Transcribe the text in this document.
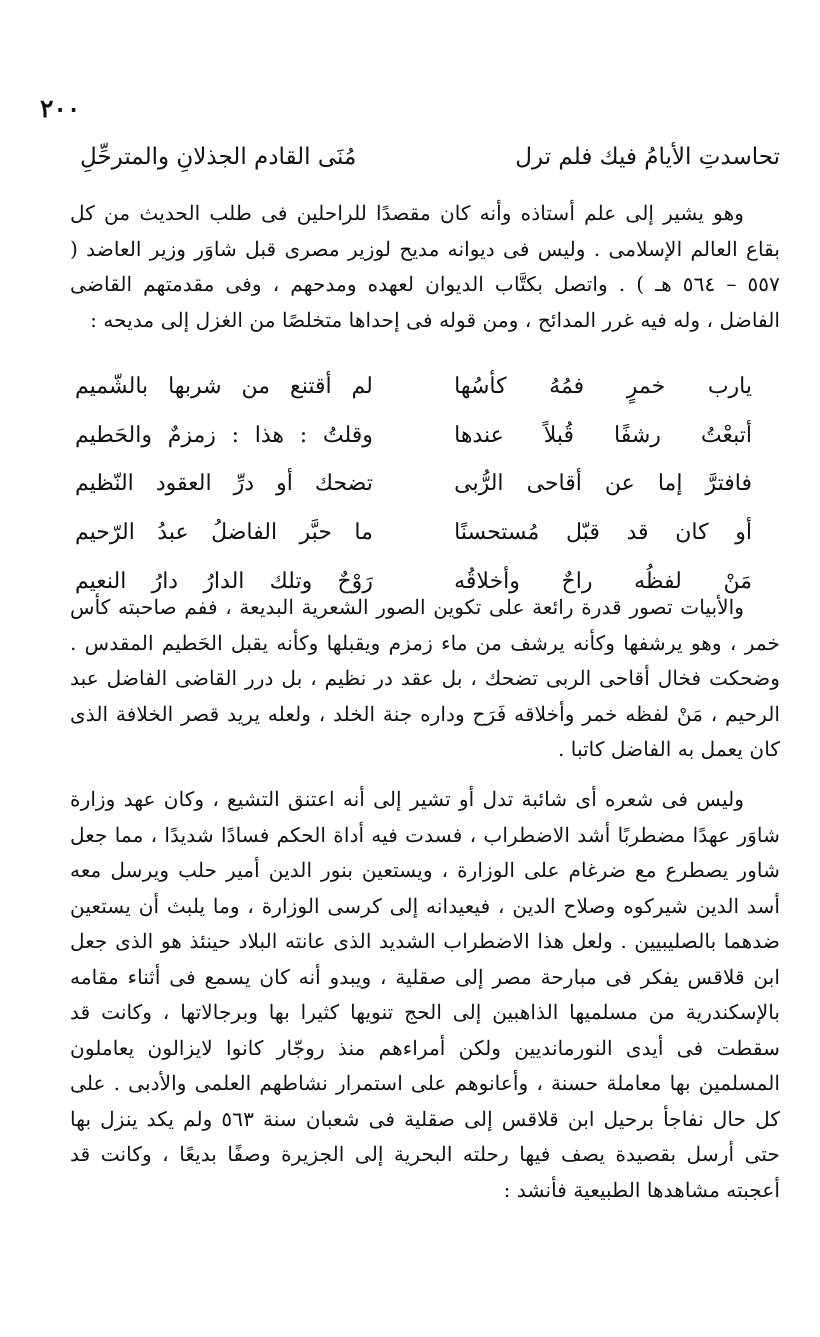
٢٠٠
تحاسدتِ الأيامُ فيك فلم ترل
مُنَى القادم الجذلانِ والمترحِّلِ

وهو يشير إلى علم أستاذه وأنه كان مقصدًا للراحلين فى طلب الحديث من كل بقاع العالم الإسلامى . وليس فى ديوانه مديح لوزير مصرى قبل شاوَر وزير العاضد ( ٥٥٧ – ٥٦٤ هـ ) . واتصل بكتَّاب الديوان لعهده ومدحهم ، وفى مقدمتهم القاضى الفاضل ، وله فيه غرر المدائح ، ومن قوله فى إحداها متخلصًا من الغزل إلى مديحه :

يارب خمرٍ فمُهُ كأسُها
لم أقتنع من شربها بالشّميم
أتبعْتُ رشفًا قُبلاً عندها
وقلتُ : هذا : زمزمٌ والحَطيم
فافترَّ إما عن أقاحى الرُّبى
تضحك أو درِّ العقود النّظيم
أو كان قد قبّل مُستحسنًا
ما حبَّر الفاضلُ عبدُ الرّحيم
مَنْ لفظُه راحٌ وأخلاقُه
رَوْحٌ وتلك الدارُ دارُ النعيم

والأبيات تصور قدرة رائعة على تكوين الصور الشعرية البديعة ، ففم صاحبته كأس خمر ، وهو يرشفها وكأنه يرشف من ماء زمزم ويقبلها وكأنه يقبل الحَطيم المقدس . وضحكت فخال أقاحى الربى تضحك ، بل عقد در نظيم ، بل درر القاضى الفاضل عبد الرحيم ، مَنْ لفظه خمر وأخلاقه فَرَح وداره جنة الخلد ، ولعله يريد قصر الخلافة الذى كان يعمل به الفاضل كاتبا .

وليس فى شعره أى شائبة تدل أو تشير إلى أنه اعتنق التشيع ، وكان عهد وزارة شاوَر عهدًا مضطربًا أشد الاضطراب ، فسدت فيه أداة الحكم فسادًا شديدًا ، مما جعل شاور يصطرع مع ضرغام على الوزارة ، ويستعين بنور الدين أمير حلب ويرسل معه أسد الدين شيركوه وصلاح الدين ، فيعيدانه إلى كرسى الوزارة ، وما يلبث أن يستعين ضدهما بالصليبيين . ولعل هذا الاضطراب الشديد الذى عانته البلاد حينئذ هو الذى جعل ابن قلاقس يفكر فى مبارحة مصر إلى صقلية ، ويبدو أنه كان يسمع فى أثناء مقامه بالإسكندرية من مسلميها الذاهبين إلى الحج تنويها كثيرا بها وبرجالاتها ، وكانت قد سقطت فى أيدى النورمانديين ولكن أمراءهم منذ روجّار كانوا لايزالون يعاملون المسلمين بها معاملة حسنة ، وأعانوهم على استمرار نشاطهم العلمى والأدبى . على كل حال نفاجأ برحيل ابن قلاقس إلى صقلية فى شعبان سنة ٥٦٣ ولم يكد ينزل بها حتى أرسل بقصيدة يصف فيها رحلته البحرية إلى الجزيرة وصفًا بديعًا ، وكانت قد أعجبته مشاهدها الطبيعية فأنشد :
